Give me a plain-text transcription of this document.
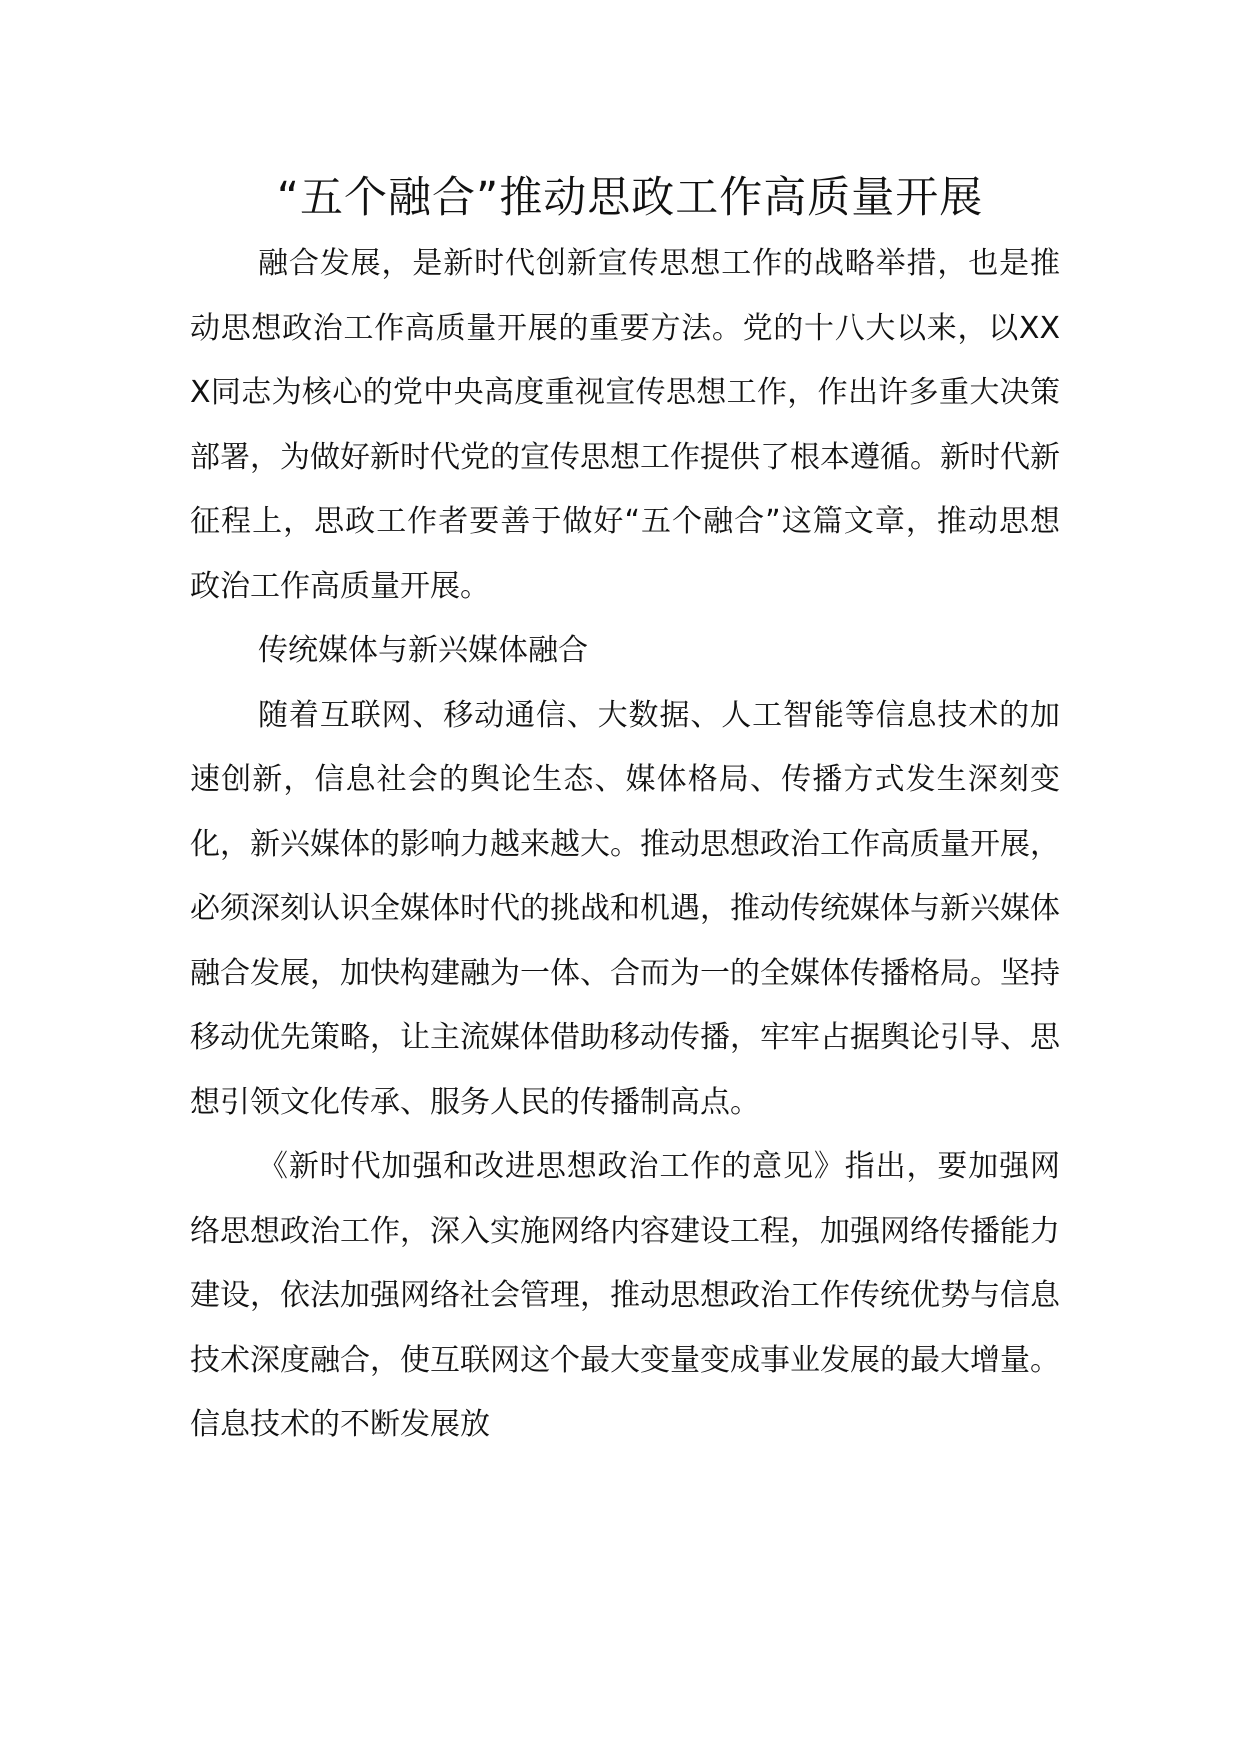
“五个融合”推动思政工作高质量开展

融合发展，是新时代创新宣传思想工作的战略举措，也是推动思想政治工作高质量开展的重要方法。党的十八大以来，以XXX同志为核心的党中央高度重视宣传思想工作，作出许多重大决策部署，为做好新时代党的宣传思想工作提供了根本遵循。新时代新征程上，思政工作者要善于做好“五个融合”这篇文章，推动思想政治工作高质量开展。

传统媒体与新兴媒体融合

随着互联网、移动通信、大数据、人工智能等信息技术的加速创新，信息社会的舆论生态、媒体格局、传播方式发生深刻变化，新兴媒体的影响力越来越大。推动思想政治工作高质量开展，必须深刻认识全媒体时代的挑战和机遇，推动传统媒体与新兴媒体融合发展，加快构建融为一体、合而为一的全媒体传播格局。坚持移动优先策略，让主流媒体借助移动传播，牢牢占据舆论引导、思想引领文化传承、服务人民的传播制高点。

《新时代加强和改进思想政治工作的意见》指出，要加强网络思想政治工作，深入实施网络内容建设工程，加强网络传播能力建设，依法加强网络社会管理，推动思想政治工作传统优势与信息技术深度融合，使互联网这个最大变量变成事业发展的最大增量。信息技术的不断发展放
